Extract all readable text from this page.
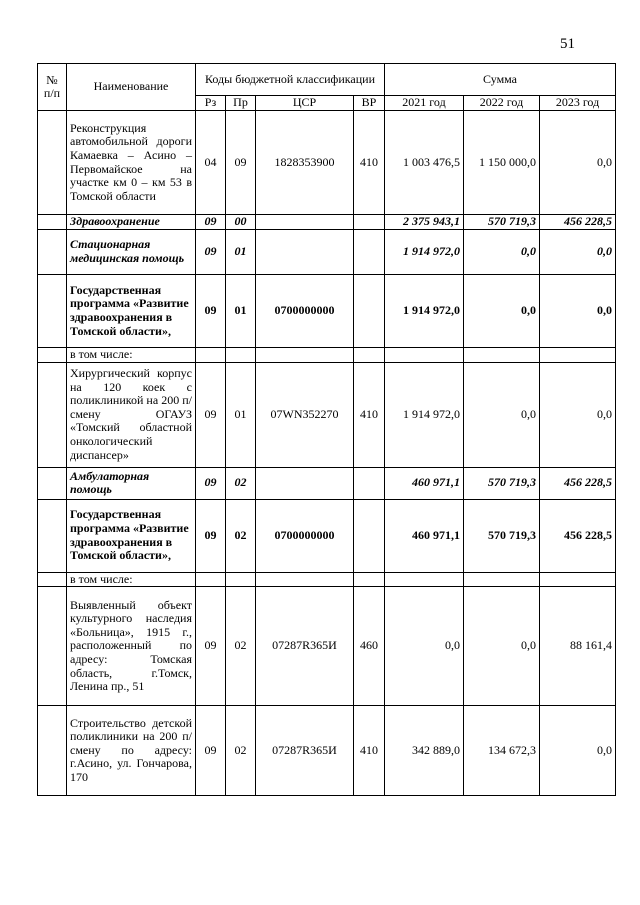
51
№
п/п	Наименование	Коды бюджетной классификации				Сумма		
		Рз	Пр	ЦСР	ВР	2021 год	2022 год	2023 год
	Реконструкция автомобильной дороги Камаевка – Асино – Первомайское на участке км 0 – км 53 в Томской области	04	09	1828353900	410	1 003 476,5	1 150 000,0	0,0
	Здравоохранение	09	00			2 375 943,1	570 719,3	456 228,5
	Стационарная медицинская помощь	09	01			1 914 972,0	0,0	0,0
	Государственная программа «Развитие здравоохранения в Томской области»,	09	01	0700000000		1 914 972,0	0,0	0,0
	в том числе:							
	Хирургический корпус на 120 коек с поликлиникой на 200 п/смену ОГАУЗ «Томский областной онкологический диспансер»	09	01	07WN352270	410	1 914 972,0	0,0	0,0
	Амбулаторная помощь	09	02			460 971,1	570 719,3	456 228,5
	Государственная программа «Развитие здравоохранения в Томской области»,	09	02	0700000000		460 971,1	570 719,3	456 228,5
	в том числе:							
	Выявленный объект культурного наследия «Больница», 1915 г., расположенный по адресу: Томская область, г.Томск, Ленина пр., 51	09	02	07287R365И	460	0,0	0,0	88 161,4
	Строительство детской поликлиники на 200 п/смену по адресу: г.Асино, ул. Гончарова, 170	09	02	07287R365И	410	342 889,0	134 672,3	0,0
